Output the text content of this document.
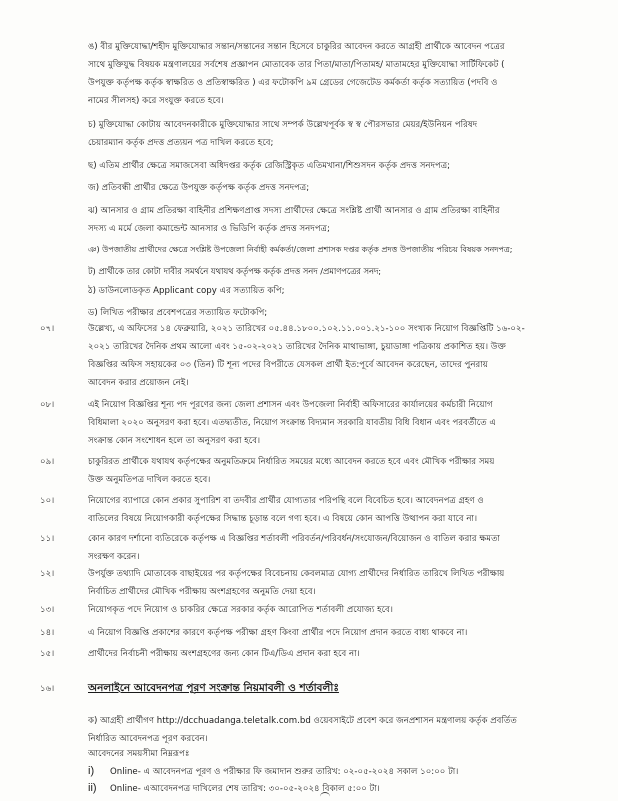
ঙ) বীর মুক্তিযোদ্ধা/শহীদ মুক্তিযোদ্ধার সন্তান/সন্তানের সন্তান হিসেবে চাকুরির আবেদন করতে আগ্রহী প্রার্থীকে আবেদন পত্রের
সাথে মুক্তিযুদ্ধ বিষয়ক মন্ত্রণালয়ের সর্বশেষ প্রজ্ঞাপন মোতাবেক তার পিতা/মাতা/পিতামহ/ মাতামহের মুক্তিযোদ্ধা সার্টিফিকেট (
উপযুক্ত কর্তৃপক্ষ কর্তৃক স্বাক্ষরিত ও প্রতিস্বাক্ষরিত ) এর ফটোকপি ৯ম গ্রেডের গেজেটেড কর্মকর্তা কর্তৃক সত্যায়িত (পদবি ও
নামের সীলসহ) করে সংযুক্ত করতে হবে।
চ) মুক্তিযোদ্ধা কোটায় আবেদনকারীকে মুক্তিযোদ্ধার সাথে সম্পর্ক উল্লেখপূর্বক স্ব স্ব পৌরসভার মেয়র/ইউনিয়ন পরিষদ
চেয়ারম্যান কর্তৃক প্রদত্ত প্রত্যয়ন পত্র দাখিল করতে হবে;
ছ) এতিম প্রার্থীর ক্ষেত্রে সমাজসেবা অধিদপ্তর কর্তৃক রেজিস্ট্রিকৃত এতিমখানা/শিশুসদন কর্তৃক প্রদত্ত সনদপত্র;
জ) প্রতিবন্ধী প্রার্থীর ক্ষেত্রে উপযুক্ত কর্তৃপক্ষ কর্তৃক প্রদত্ত সনদপত্র;
ঝ) আনসার ও গ্রাম প্রতিরক্ষা বাহিনীর প্রশিক্ষণপ্রাপ্ত সদস্য প্রার্থীদের ক্ষেত্রে সংশ্লিষ্ট প্রার্থী আনসার ও গ্রাম প্রতিরক্ষা বাহিনীর
সদস্য এ মর্মে জেলা কমান্ডেন্ট আনসার ও ভিডিপি কর্তৃক প্রদত্ত সনদপত্র;
ঞ) উপজাতীয় প্রার্থীদের ক্ষেত্রে সংশ্লিষ্ট উপজেলা নির্বাহী কর্মকর্তা/জেলা প্রশাসক দপ্তর কর্তৃক প্রদত্ত উপজাতীয় পরিচয় বিষয়ক সনদপত্র;
ট) প্রার্থীকে তার কোটা দাবীর সমর্থনে যথাযথ কর্তৃপক্ষ কর্তৃক প্রদত্ত সনদ /প্রমাণপত্রের সনদ;
ঠ) ডাউনলোডকৃত Applicant copy এর সত্যায়িত কপি;
ড) লিখিত পরীক্ষার প্রবেশপত্রের সত্যায়িত ফটোকপি;
০৭।	উল্লেখ্য, এ অফিসের ১৪ ফেব্রুয়ারি, ২০২১ তারিখের ০৫.৪৪.১৮০০.১০২.১১.০০১.২১-১০০ সংখ্যক নিয়োগ বিজ্ঞপ্তিটি ১৬-০২-
২০২১ তারিখের দৈনিক প্রথম আলো এবং ১৫-০২-২০২১ তারিখের দৈনিক মাথাভাঙ্গা, চুয়াডাঙ্গা পত্রিকায় প্রকাশিত হয়। উক্ত
বিজ্ঞপ্তির অফিস সহায়কের ০৩ (তিন) টি শূন্য পদের বিপরীতে যেসকল প্রার্থী ইত:পূর্বে আবেদন করেছেন, তাদের পুনরায়
আবেদন করার প্রয়োজন নেই।
০৮।	এই নিয়োগ বিজ্ঞপ্তির শূন্য পদ পূরণের জন্য জেলা প্রশাসন এবং উপজেলা নির্বাহী অফিসারের কার্যালয়ের কর্মচারী নিয়োগ
বিধিমালা ২০২০ অনুসরণ করা হবে। এতদ্ব্যতীত, নিয়োগ সংক্রান্ত বিদ্যমান সরকারি যাবতীয় বিধি বিধান এবং পরবর্তীতে এ
সংক্রান্ত কোন সংশোধন হলে তা অনুসরণ করা হবে।
০৯।	চাকুরিরত প্রার্থীকে যথাযথ কর্তৃপক্ষের অনুমতিক্রমে নির্ধারিত সময়ের মধ্যে আবেদন করতে হবে এবং মৌখিক পরীক্ষার সময়
উক্ত অনুমতিপত্র দাখিল করতে হবে।
১০।	নিয়োগের ব্যাপারে কোন প্রকার সুপারিশ বা তদবীর প্রার্থীর যোগ্যতার পরিপন্থি বলে বিবেচিত হবে। আবেদনপত্র গ্রহণ ও
বাতিলের বিষয়ে নিয়োগকারী কর্তৃপক্ষের সিদ্ধান্ত চূড়ান্ত বলে গণ্য হবে। এ বিষয়ে কোন আপত্তি উত্থাপন করা যাবে না।
১১।	কোন কারণ দর্শানো ব্যতিরেকে কর্তৃপক্ষ এ বিজ্ঞপ্তির শর্তাবলী পরিবর্তন/পরিবর্ধন/সংযোজন/বিয়োজন ও বাতিল করার ক্ষমতা
সংরক্ষণ করেন।
১২।	উপর্যুক্ত তথ্যাদি মোতাবেক বাছাইয়ের পর কর্তৃপক্ষের বিবেচনায় কেবলমাত্র যোগ্য প্রার্থীদের নির্ধারিত তারিখে লিখিত পরীক্ষায়
নির্বাচিত প্রার্থীদের মৌখিক পরীক্ষায় অংশগ্রহণের অনুমতি দেয়া হবে।
১৩।	নিয়োগকৃত পদে নিয়োগ ও চাকরির ক্ষেত্রে সরকার কর্তৃক আরোপিত শর্তাবলী প্রযোজ্য হবে।
১৪।	এ নিয়োগ বিজ্ঞপ্তি প্রকাশের কারণে কর্তৃপক্ষ পরীক্ষা গ্রহণ কিংবা প্রার্থীর পদে নিয়োগ প্রদান করতে বাধ্য থাকবে না।
১৫।	প্রার্থীদের নির্বাচনী পরীক্ষায় অংশগ্রহণের জন্য কোন টিএ/ডিএ প্রদান করা হবে না।
১৬।	অনলাইনে আবেদনপত্র পূরণ সংক্রান্ত নিয়মাবলী ও শর্তাবলীঃ
ক) আগ্রহী প্রার্থীগণ http://dcchuadanga.teletalk.com.bd ওয়েবসাইটে প্রবেশ করে জনপ্রশাসন মন্ত্রণালয় কর্তৃক প্রবর্তিত
নির্ধারিত আবেদনপত্র পূরণ করবেন।
আবেদনের সময়সীমা নিম্নরূপঃ
i) Online- এ আবেদনপত্র পূরণ ও পরীক্ষার ফি জমাদান শুরুর তারিখ: ০২-০৫-২০২৪ সকাল ১০:০০ টা।
ii) Online- এআবেদনপত্র দাখিলের শেষ তারিখ: ৩০-০৫-২০২৪ বিকাল ৫:০০ টা।
